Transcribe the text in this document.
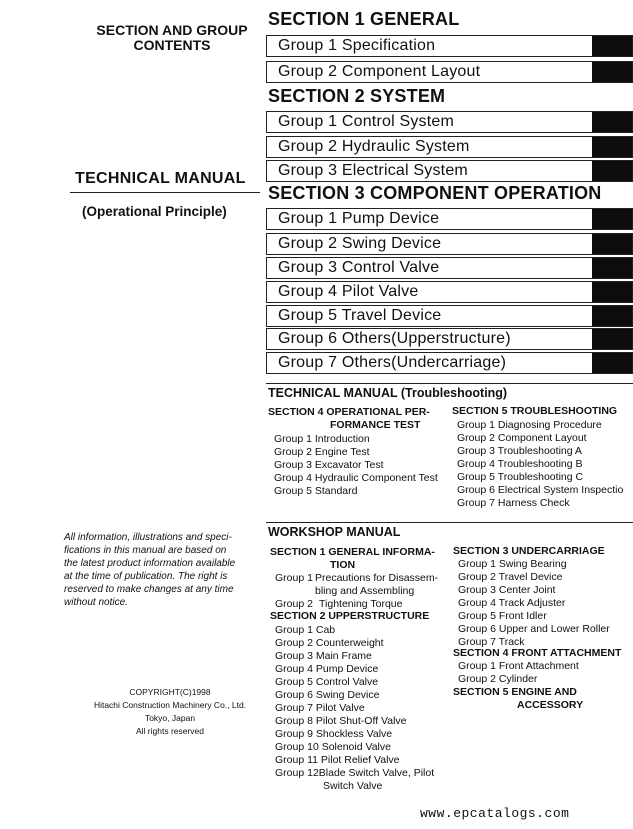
SECTION AND GROUP
CONTENTS
TECHNICAL MANUAL
(Operational Principle)
All information, illustrations and speci-
fications in this manual are based on
the latest product information available
at the time of publication. The right is
reserved to make changes at any time
without notice.
COPYRIGHT(C)1998
Hitachi Construction Machinery Co., Ltd.
Tokyo, Japan
All rights reserved
SECTION 1 GENERAL
Group 1 Specification
Group 2 Component Layout
SECTION 2 SYSTEM
Group 1 Control System
Group 2 Hydraulic System
Group 3 Electrical System
SECTION 3 COMPONENT OPERATION
Group 1 Pump Device
Group 2 Swing Device
Group 3 Control Valve
Group 4 Pilot Valve
Group 5 Travel Device
Group 6 Others(Upperstructure)
Group 7 Others(Undercarriage)
TECHNICAL MANUAL (Troubleshooting)
SECTION 4 OPERATIONAL PER-
FORMANCE TEST
Group 1 Introduction
Group 2 Engine Test
Group 3 Excavator Test
Group 4 Hydraulic Component Test
Group 5 Standard
SECTION 5 TROUBLESHOOTING
Group 1 Diagnosing Procedure
Group 2 Component Layout
Group 3 Troubleshooting A
Group 4 Troubleshooting B
Group 5 Troubleshooting C
Group 6 Electrical System Inspectio
Group 7 Harness Check
WORKSHOP MANUAL
SECTION 1 GENERAL INFORMA-
TION
Group 1 Precautions for Disassem-
bling and Assembling
Group 2 Tightening Torque
SECTION 2 UPPERSTRUCTURE
Group 1 Cab
Group 2 Counterweight
Group 3 Main Frame
Group 4 Pump Device
Group 5 Control Valve
Group 6 Swing Device
Group 7 Pilot Valve
Group 8 Pilot Shut-Off Valve
Group 9 Shockless Valve
Group 10 Solenoid Valve
Group 11 Pilot Relief Valve
Group 12Blade Switch Valve, Pilot
Switch Valve
SECTION 3 UNDERCARRIAGE
Group 1 Swing Bearing
Group 2 Travel Device
Group 3 Center Joint
Group 4 Track Adjuster
Group 5 Front Idler
Group 6 Upper and Lower Roller
Group 7 Track
SECTION 4 FRONT ATTACHMENT
Group 1 Front Attachment
Group 2 Cylinder
SECTION 5 ENGINE AND
ACCESSORY
www.epcatalogs.com
